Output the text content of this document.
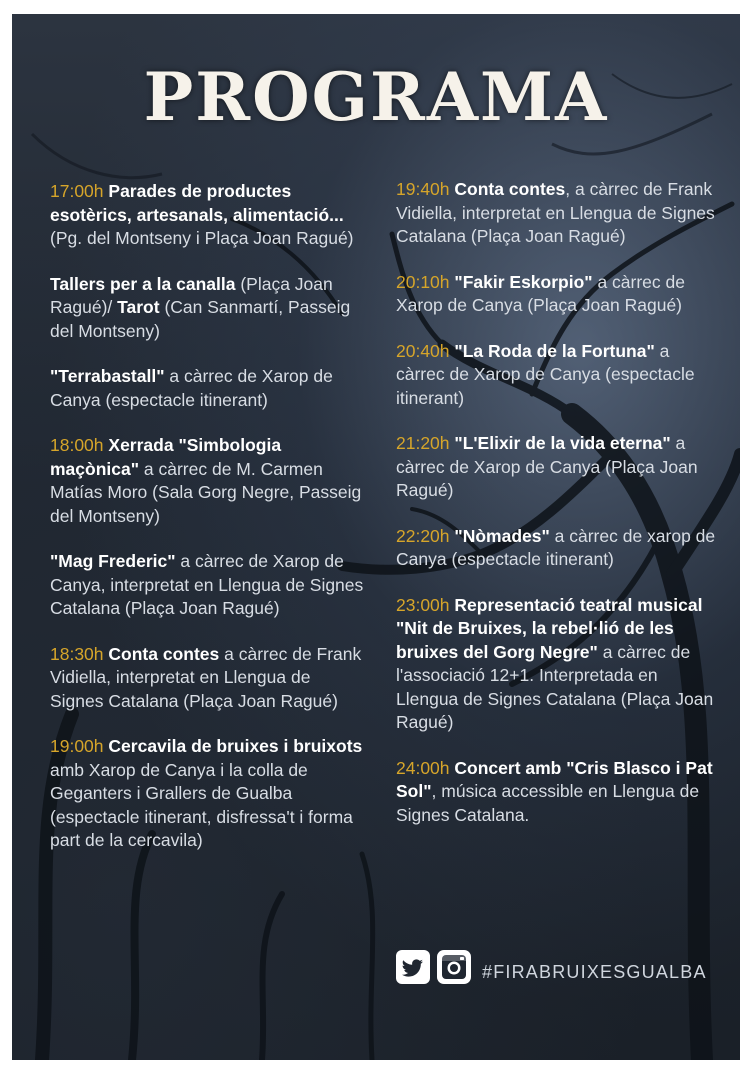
PROGRAMA

17:00h Parades de productes esotèrics, artesanals, alimentació... (Pg. del Montseny i Plaça Joan Ragué)

Tallers per a la canalla (Plaça Joan Ragué)/ Tarot (Can Sanmartí, Passeig del Montseny)

"Terrabastall" a càrrec de Xarop de Canya (espectacle itinerant)

18:00h Xerrada "Simbologia maçònica" a càrrec de M. Carmen Matías Moro (Sala Gorg Negre, Passeig del Montseny)

"Mag Frederic" a càrrec de Xarop de Canya, interpretat en Llengua de Signes Catalana (Plaça Joan Ragué)

18:30h Conta contes a càrrec de Frank Vidiella, interpretat en Llengua de Signes Catalana (Plaça Joan Ragué)

19:00h Cercavila de bruixes i bruixots amb Xarop de Canya i la colla de Geganters i Grallers de Gualba (espectacle itinerant, disfressa't i forma part de la cercavila)

19:40h Conta contes, a càrrec de Frank Vidiella, interpretat en Llengua de Signes Catalana (Plaça Joan Ragué)

20:10h "Fakir Eskorpio" a càrrec de Xarop de Canya (Plaça Joan Ragué)

20:40h "La Roda de la Fortuna" a càrrec de Xarop de Canya (espectacle itinerant)

21:20h "L'Elixir de la vida eterna" a càrrec de Xarop de Canya (Plaça Joan Ragué)

22:20h "Nòmades" a càrrec de xarop de Canya (espectacle itinerant)

23:00h Representació teatral musical "Nit de Bruixes, la rebel·lió de les bruixes del Gorg Negre" a càrrec de l'associació 12+1. Interpretada en Llengua de Signes Catalana (Plaça Joan Ragué)

24:00h Concert amb "Cris Blasco i Pat Sol", música accessible en Llengua de Signes Catalana.

#FIRABRUIXESGUALBA
